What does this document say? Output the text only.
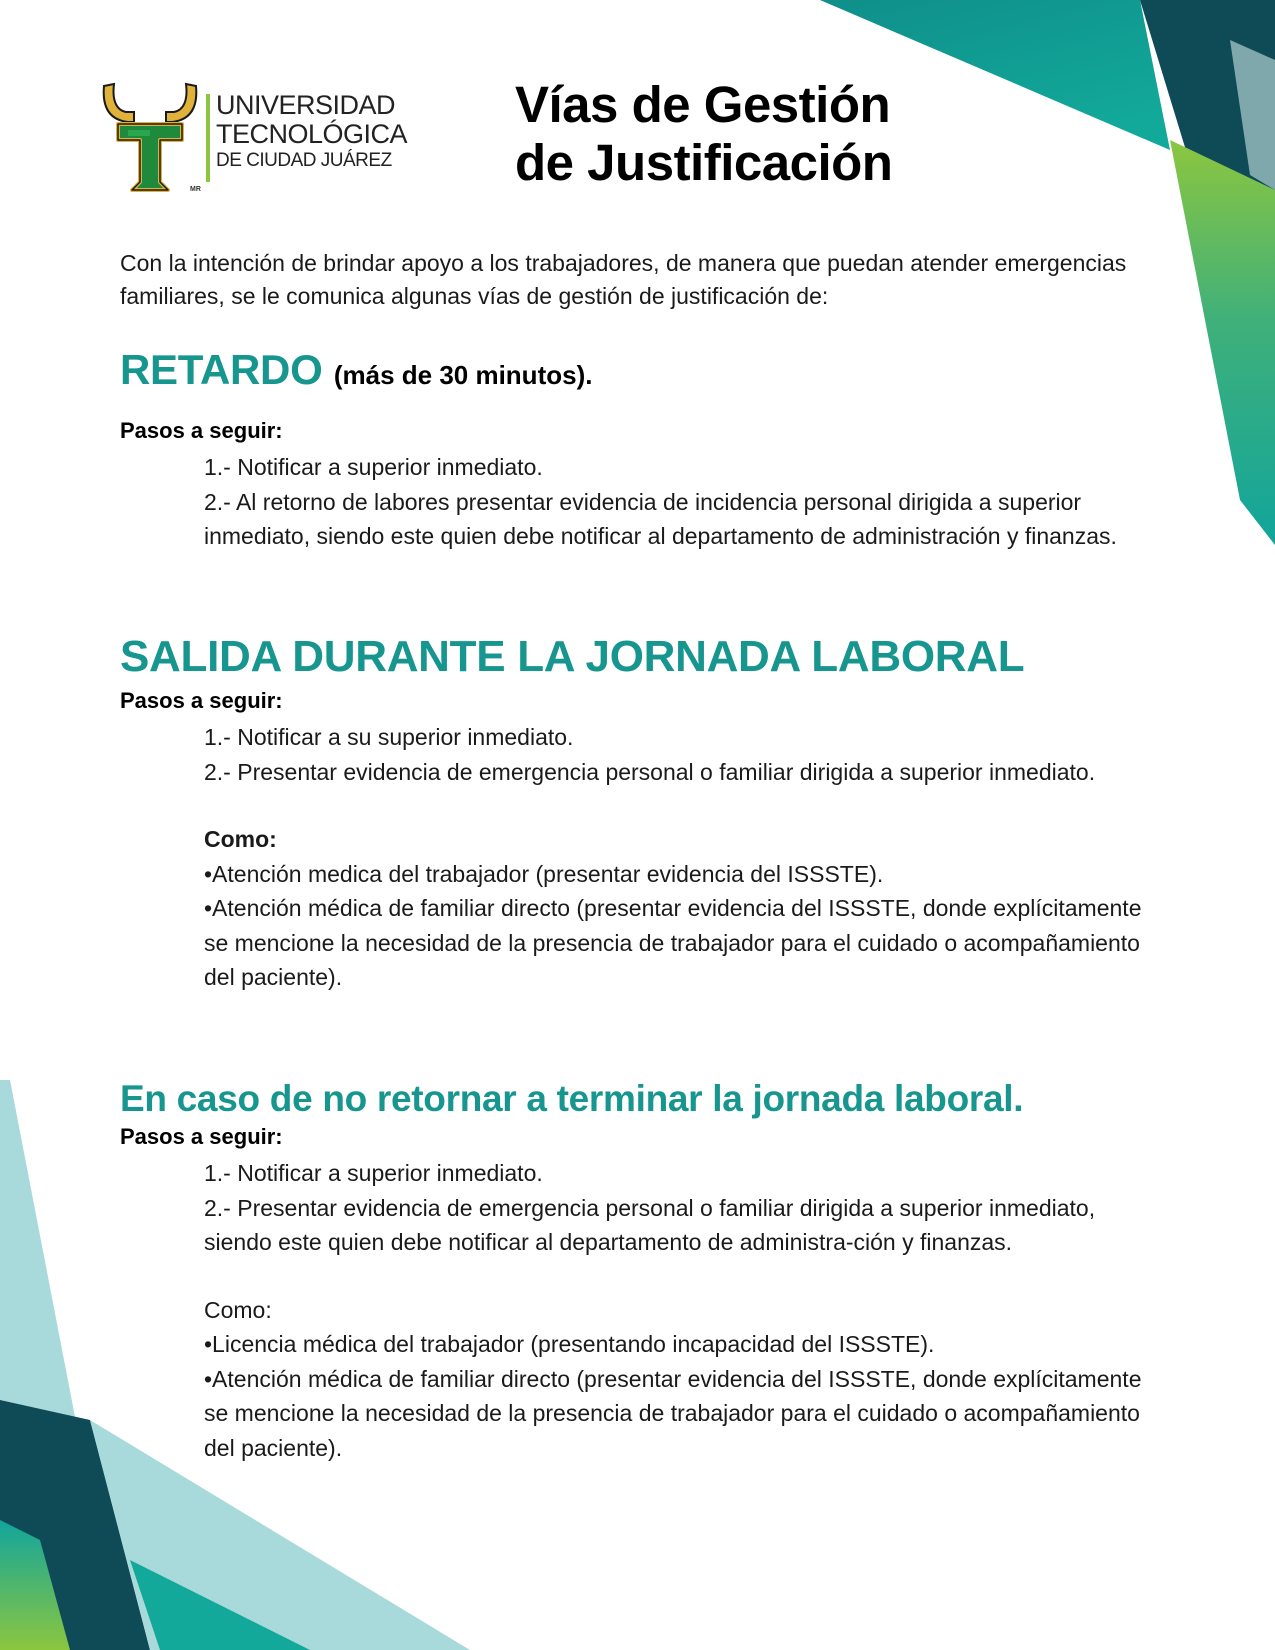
MR
UNIVERSIDAD
TECNOLÓGICA
DE CIUDAD JUÁREZ
Vías de Gestión
de Justificación

Con la intención de brindar apoyo a los trabajadores, de manera que puedan atender emergencias familiares, se le comunica algunas vías de gestión de justificación de:

RETARDO (más de 30 minutos).
Pasos a seguir:

1.- Notificar a superior inmediato.

2.- Al retorno de labores presentar evidencia de incidencia personal dirigida a superior inmediato, siendo este quien debe notificar al departamento de administración y finanzas.

SALIDA DURANTE LA JORNADA LABORAL
Pasos a seguir:

1.- Notificar a su superior inmediato.

2.- Presentar evidencia de emergencia personal o familiar dirigida a superior inmediato.

Como:

•Atención medica del trabajador (presentar evidencia del ISSSTE).

•Atención médica de familiar directo (presentar evidencia del ISSSTE, donde explícitamente se mencione la necesidad de la presencia de trabajador para el cuidado o acompañamiento del paciente).

En caso de no retornar a terminar la jornada laboral.
Pasos a seguir:

1.- Notificar a superior inmediato.

2.- Presentar evidencia de emergencia personal o familiar dirigida a superior inmediato, siendo este quien debe notificar al departamento de administra-ción y finanzas.

Como:

•Licencia médica del trabajador (presentando incapacidad del ISSSTE).

•Atención médica de familiar directo (presentar evidencia del ISSSTE, donde explícitamente se mencione la necesidad de la presencia de trabajador para el cuidado o acompañamiento del paciente).
